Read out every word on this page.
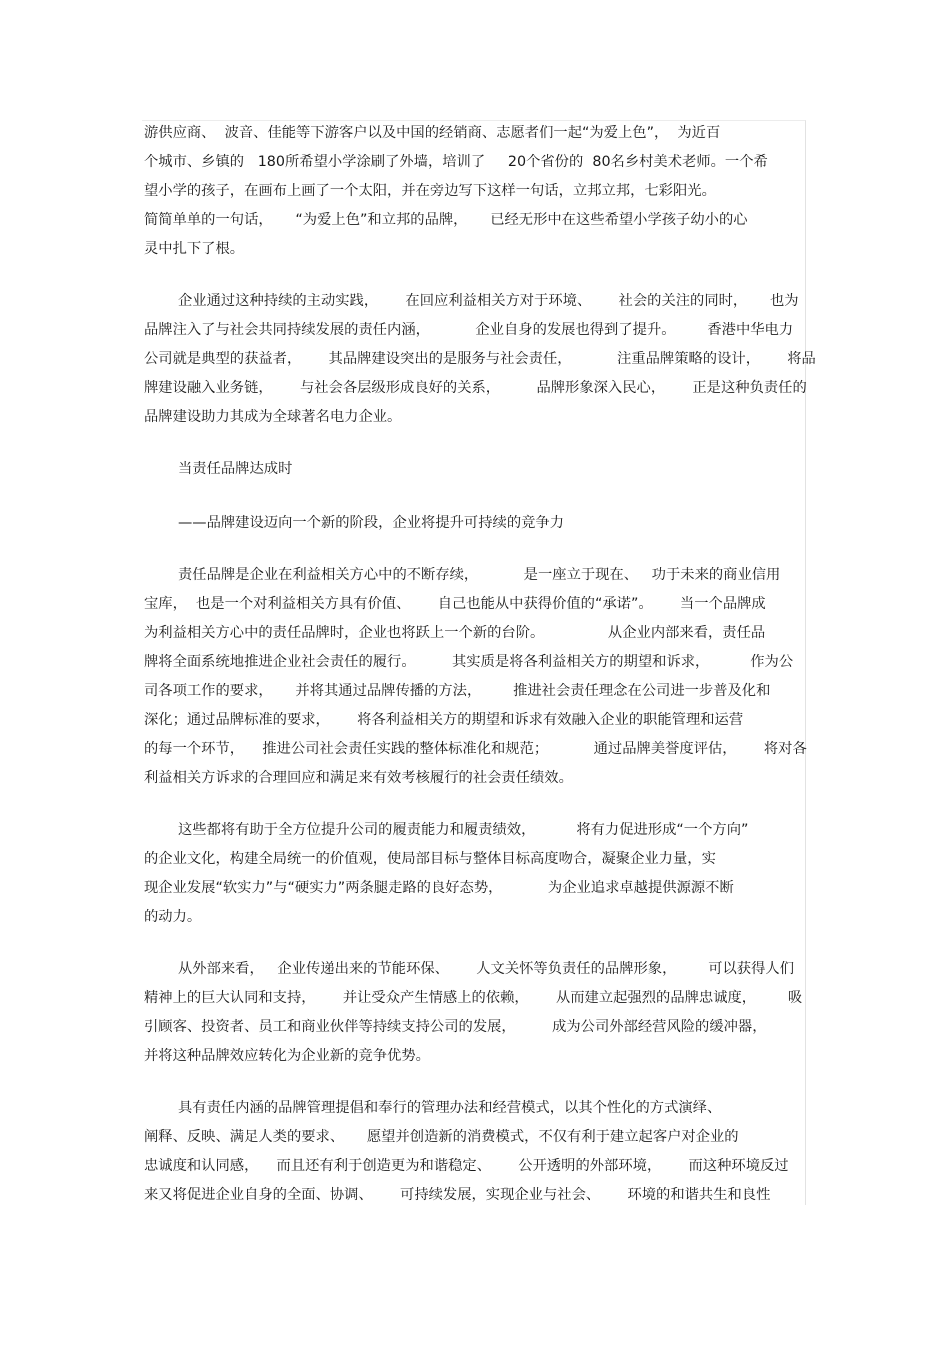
游供应商、  波音、佳能等下游客户以及中国的经销商、志愿者们一起“为爱上色”，  为近百
个城市、乡镇的   180所希望小学涂刷了外墙，培训了     20个省份的  80名乡村美术老师。一个希
望小学的孩子，在画布上画了一个太阳，并在旁边写下这样一句话，立邦立邦，七彩阳光。
简简单单的一句话，     “为爱上色”和立邦的品牌，     已经无形中在这些希望小学孩子幼小的心
灵中扎下了根。
企业通过这种持续的主动实践，      在回应利益相关方对于环境、      社会的关注的同时，     也为
品牌注入了与社会共同持续发展的责任内涵，          企业自身的发展也得到了提升。       香港中华电力
公司就是典型的获益者，      其品牌建设突出的是服务与社会责任，          注重品牌策略的设计，      将品
牌建设融入业务链，      与社会各层级形成良好的关系，        品牌形象深入民心，      正是这种负责任的
品牌建设助力其成为全球著名电力企业。
当责任品牌达成时
——品牌建设迈向一个新的阶段，企业将提升可持续的竞争力
责任品牌是企业在利益相关方心中的不断存续，          是一座立于现在、   功于未来的商业信用
宝库，  也是一个对利益相关方具有价值、      自己也能从中获得价值的“承诺”。      当一个品牌成
为利益相关方心中的责任品牌时，企业也将跃上一个新的台阶。              从企业内部来看，责任品
牌将全面系统地推进企业社会责任的履行。        其实质是将各利益相关方的期望和诉求，         作为公
司各项工作的要求，     并将其通过品牌传播的方法，       推进社会责任理念在公司进一步普及化和
深化；通过品牌标准的要求，      将各利益相关方的期望和诉求有效融入企业的职能管理和运营
的每一个环节，    推进公司社会责任实践的整体标准化和规范；          通过品牌美誉度评估，      将对各
利益相关方诉求的合理回应和满足来有效考核履行的社会责任绩效。
这些都将有助于全方位提升公司的履责能力和履责绩效，         将有力促进形成“一个方向”
的企业文化，构建全局统一的价值观，使局部目标与整体目标高度吻合，凝聚企业力量，实
现企业发展“软实力”与“硬实力”两条腿走路的良好态势，          为企业追求卓越提供源源不断
的动力。
从外部来看，   企业传递出来的节能环保、      人文关怀等负责任的品牌形象，       可以获得人们
精神上的巨大认同和支持，      并让受众产生情感上的依赖，      从而建立起强烈的品牌忠诚度，       吸
引顾客、投资者、员工和商业伙伴等持续支持公司的发展，        成为公司外部经营风险的缓冲器，
并将这种品牌效应转化为企业新的竞争优势。
具有责任内涵的品牌管理提倡和奉行的管理办法和经营模式，以其个性化的方式演绎、
阐释、反映、满足人类的要求、     愿望并创造新的消费模式，不仅有利于建立起客户对企业的
忠诚度和认同感，    而且还有利于创造更为和谐稳定、      公开透明的外部环境，      而这种环境反过
来又将促进企业自身的全面、协调、      可持续发展，实现企业与社会、      环境的和谐共生和良性
